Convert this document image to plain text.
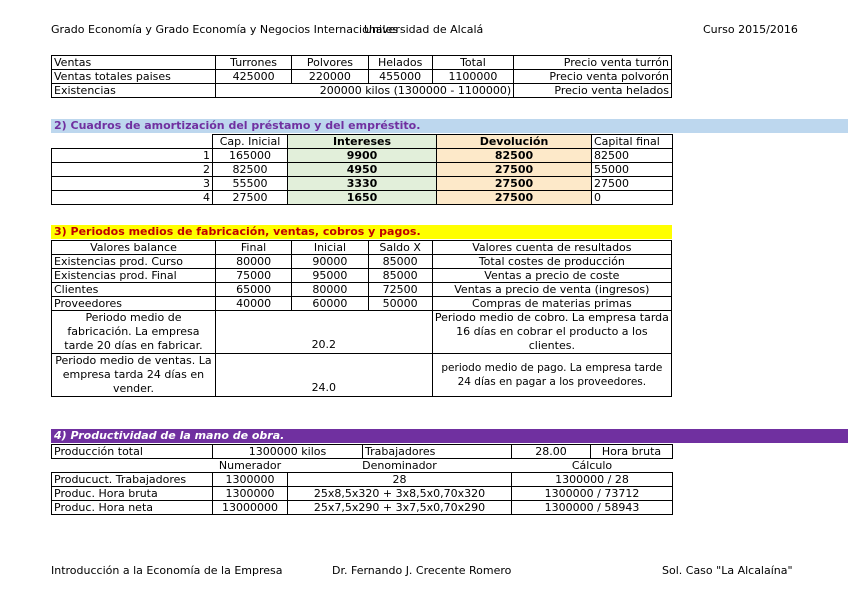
Grado Economía y Grado Economía y Negocios Internacionales
Universidad de Alcalá	Curso 2015/2016
Ventas	Turrones	Polvores	Helados	Total	Precio venta turrón
Ventas totales paises	425000	220000	455000	1100000	Precio venta polvorón
Existencias	200000 kilos (1300000 - 1100000)				Precio venta helados
2) Cuadros de amortización del préstamo y del empréstito.
	Cap. Inicial	Intereses	Devolución	Capital final
1	165000	9900	82500	82500
2	82500	4950	27500	55000
3	55500	3330	27500	27500
4	27500	1650	27500	0
3) Periodos medios de fabricación, ventas, cobros y pagos.
Valores balance	Final	Inicial	Saldo X	Valores cuenta de resultados
Existencias prod. Curso	80000	90000	85000	Total costes de producción
Existencias prod. Final	75000	95000	85000	Ventas a precio de coste
Clientes	65000	80000	72500	Ventas a precio de venta (ingresos)
Proveedores	40000	60000	50000	Compras de materias primas
Periodo medio de fabricación. La empresa tarde 20 días en fabricar.	20.2			Periodo medio de cobro. La empresa tarda 16 días en cobrar el producto a los clientes.
Periodo medio de ventas. La empresa tarda 24 días en vender.	24.0			periodo medio de pago. La empresa tarde 24 días en pagar a los proveedores.
4) Productividad de la mano de obra.
Producción total	1300000 kilos		Trabajadores	28.00	Hora bruta
	Numerador	Denominador		Cálculo	
Producuct. Trabajadores	1300000	28		1300000 / 28	
Produc. Hora bruta	1300000	25x8,5x320 + 3x8,5x0,70x320		1300000 / 73712	
Produc. Hora neta	13000000	25x7,5x290 + 3x7,5x0,70x290		1300000 / 58943	
Introducción a la Economía de la Empresa	Dr. Fernando J. Crecente Romero	Sol. Caso "La Alcalaína"
